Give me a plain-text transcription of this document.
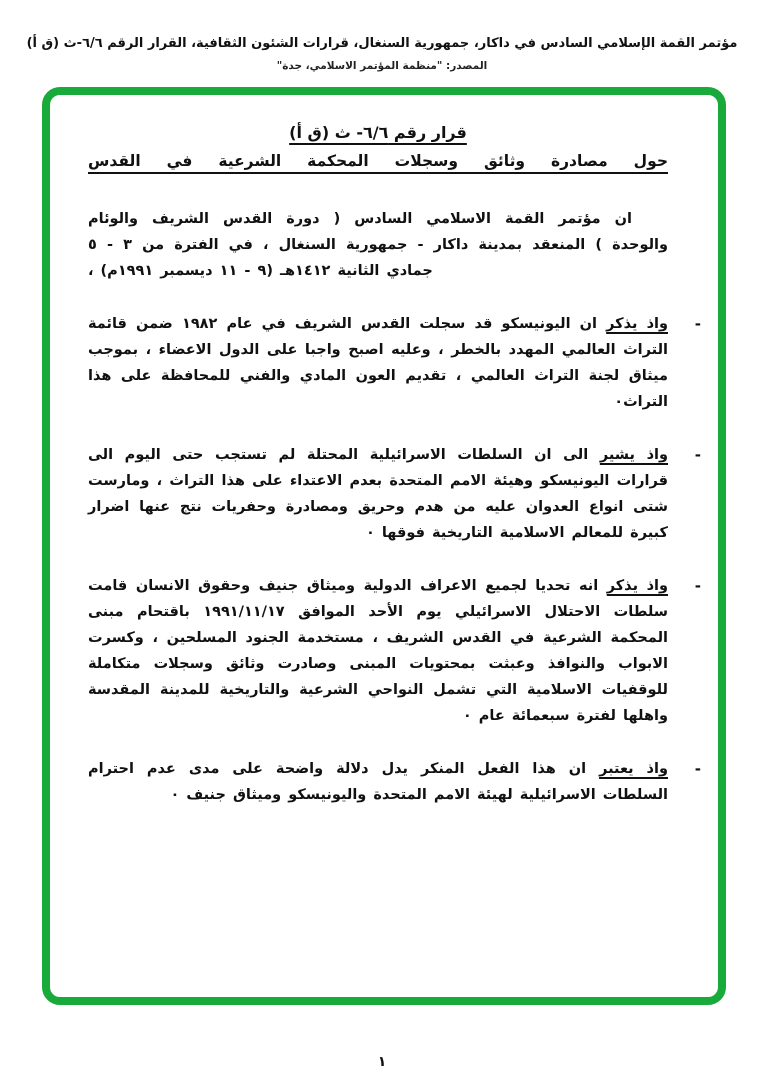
مؤتمر القمة الإسلامي السادس في داكار، جمهورية السنغال، قرارات الشئون الثقافية، القرار الرقم ٦/٦-ث (ق أ)
المصدر: "منظمة المؤتمر الاسلامي، جدة"
قرار رقم ٦/٦- ث (ق أ)
حول مصادرة وثائق وسجلات المحكمة الشرعية في القدس

ان مؤتمر القمة الاسلامي السادس ( دورة القدس الشريف والوئام والوحدة ) المنعقد بمدينة داكار - جمهورية السنغال ، في الفترة من ٣ - ٥ جمادي الثانية ١٤١٢هـ (٩ - ١١ ديسمبر ١٩٩١م) ،

-

واذ يذكر ان اليونيسكو قد سجلت القدس الشريف في عام ١٩٨٢ ضمن قائمة التراث العالمي المهدد بالخطر ، وعليه اصبح واجبا على الدول الاعضاء ، بموجب ميثاق لجنة التراث العالمي ، تقديم العون المادي والفني للمحافظة على هذا التراث٠

-

واذ يشير الى ان السلطات الاسرائيلية المحتلة لم تستجب حتى اليوم الى قرارات اليونيسكو وهيئة الامم المتحدة بعدم الاعتداء على هذا التراث ، ومارست شتى انواع العدوان عليه من هدم وحريق ومصادرة وحفريات نتج عنها اضرار كبيرة للمعالم الاسلامية التاريخية فوقها ٠

-

واذ يذكر انه تحديا لجميع الاعراف الدولية وميثاق جنيف وحقوق الانسان قامت سلطات الاحتلال الاسرائيلي يوم الأحد الموافق ١٩٩١/١١/١٧ باقتحام مبنى المحكمة الشرعية في القدس الشريف ، مستخدمة الجنود المسلحين ، وكسرت الابواب والنوافذ وعبثت بمحتويات المبنى وصادرت وثائق وسجلات متكاملة للوقفيات الاسلامية التي تشمل النواحي الشرعية والتاريخية للمدينة المقدسة واهلها لفترة سبعمائة عام ٠

-

واذ يعتبر ان هذا الفعل المنكر يدل دلالة واضحة على مدى عدم احترام السلطات الاسرائيلية لهيئة الامم المتحدة واليونيسكو وميثاق جنيف ٠

١
